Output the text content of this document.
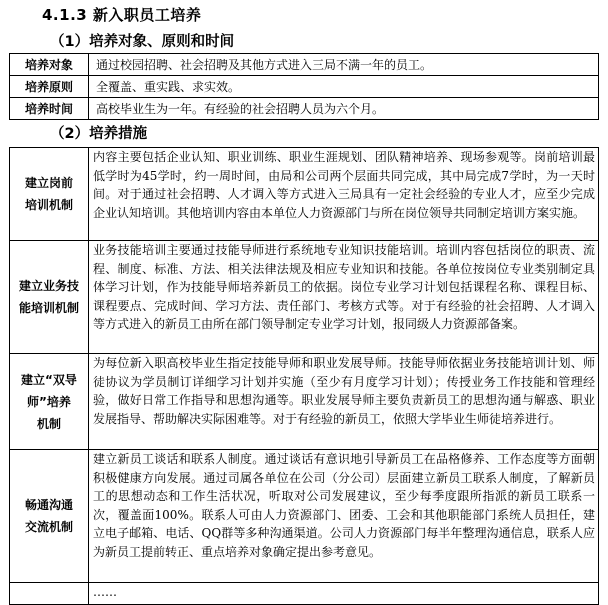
4.1.3 新入职员工培养
（1）培养对象、原则和时间
培养对象	通过校园招聘、社会招聘及其他方式进入三局不满一年的员工。
培养原则	全覆盖、重实践、求实效。
培养时间	高校毕业生为一年。有经验的社会招聘人员为六个月。
（2）培养措施
建立岗前
培训机制	内容主要包括企业认知、职业训练、职业生涯规划、团队精神培养、现场参观等。岗前培训最低学时为45学时，约一周时间，由局和公司两个层面共同完成，其中局完成7学时，为一天时间。对于通过社会招聘、人才调入等方式进入三局具有一定社会经验的专业人才，应至少完成企业认知培训。其他培训内容由本单位人力资源部门与所在岗位领导共同制定培训方案实施。

建立业务技
能培训机制	业务技能培训主要通过技能导师进行系统地专业知识技能培训。培训内容包括岗位的职责、流程、制度、标准、方法、相关法律法规及相应专业知识和技能。各单位按岗位专业类别制定具体学习计划，作为技能导师培养新员工的依据。岗位专业学习计划包括课程名称、课程目标、课程要点、完成时间、学习方法、责任部门、考核方式等。对于有经验的社会招聘、人才调入等方式进入的新员工由所在部门领导制定专业学习计划，报同级人力资源部备案。

建立“双导
师”培养
机制	为每位新入职高校毕业生指定技能导师和职业发展导师。技能导师依据业务技能培训计划、师徒协议为学员制订详细学习计划并实施（至少有月度学习计划）；传授业务工作技能和管理经验，做好日常工作指导和思想沟通等。职业发展导师主要负责新员工的思想沟通与解惑、职业发展指导、帮助解决实际困难等。对于有经验的新员工，依照大学毕业生师徒培养进行。

畅通沟通
交流机制	建立新员工谈话和联系人制度。通过谈话有意识地引导新员工在品格修养、工作态度等方面朝积极健康方向发展。通过司属各单位在公司（分公司）层面建立新员工联系人制度，了解新员工的思想动态和工作生活状况，听取对公司发展建议，至少每季度跟所指派的新员工联系一次，覆盖面100%。联系人可由人力资源部门、团委、工会和其他职能部门系统人员担任，建立电子邮箱、电话、QQ群等多种沟通渠道。公司人力资源部门每半年整理沟通信息，联系人应为新员工提前转正、重点培养对象确定提出参考意见。

	……
